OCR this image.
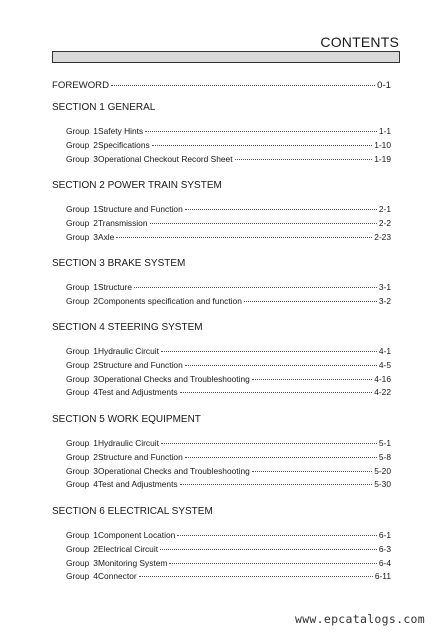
CONTENTS
FOREWORD	0-1
SECTION 1 GENERAL
Group 1Safety Hints	1-1
Group 2Specifications	1-10
Group 3Operational Checkout Record Sheet	1-19
SECTION 2 POWER TRAIN SYSTEM
Group 1Structure and Function	2-1
Group 2Transmission	2-2
Group 3Axle	2-23
SECTION 3 BRAKE SYSTEM
Group 1Structure	3-1
Group 2Components specification and function	3-2
SECTION 4 STEERING SYSTEM
Group 1Hydraulic Circuit	4-1
Group 2Structure and Function	4-5
Group 3Operational Checks and Troubleshooting	4-16
Group 4Test and Adjustments	4-22
SECTION 5 WORK EQUIPMENT
Group 1Hydraulic Circuit	5-1
Group 2Structure and Function	5-8
Group 3Operational Checks and Troubleshooting	5-20
Group 4Test and Adjustments	5-30
SECTION 6 ELECTRICAL SYSTEM
Group 1Component Location	6-1
Group 2Electrical Circuit	6-3
Group 3Monitoring System	6-4
Group 4Connector	6-11
www.epcatalogs.com
